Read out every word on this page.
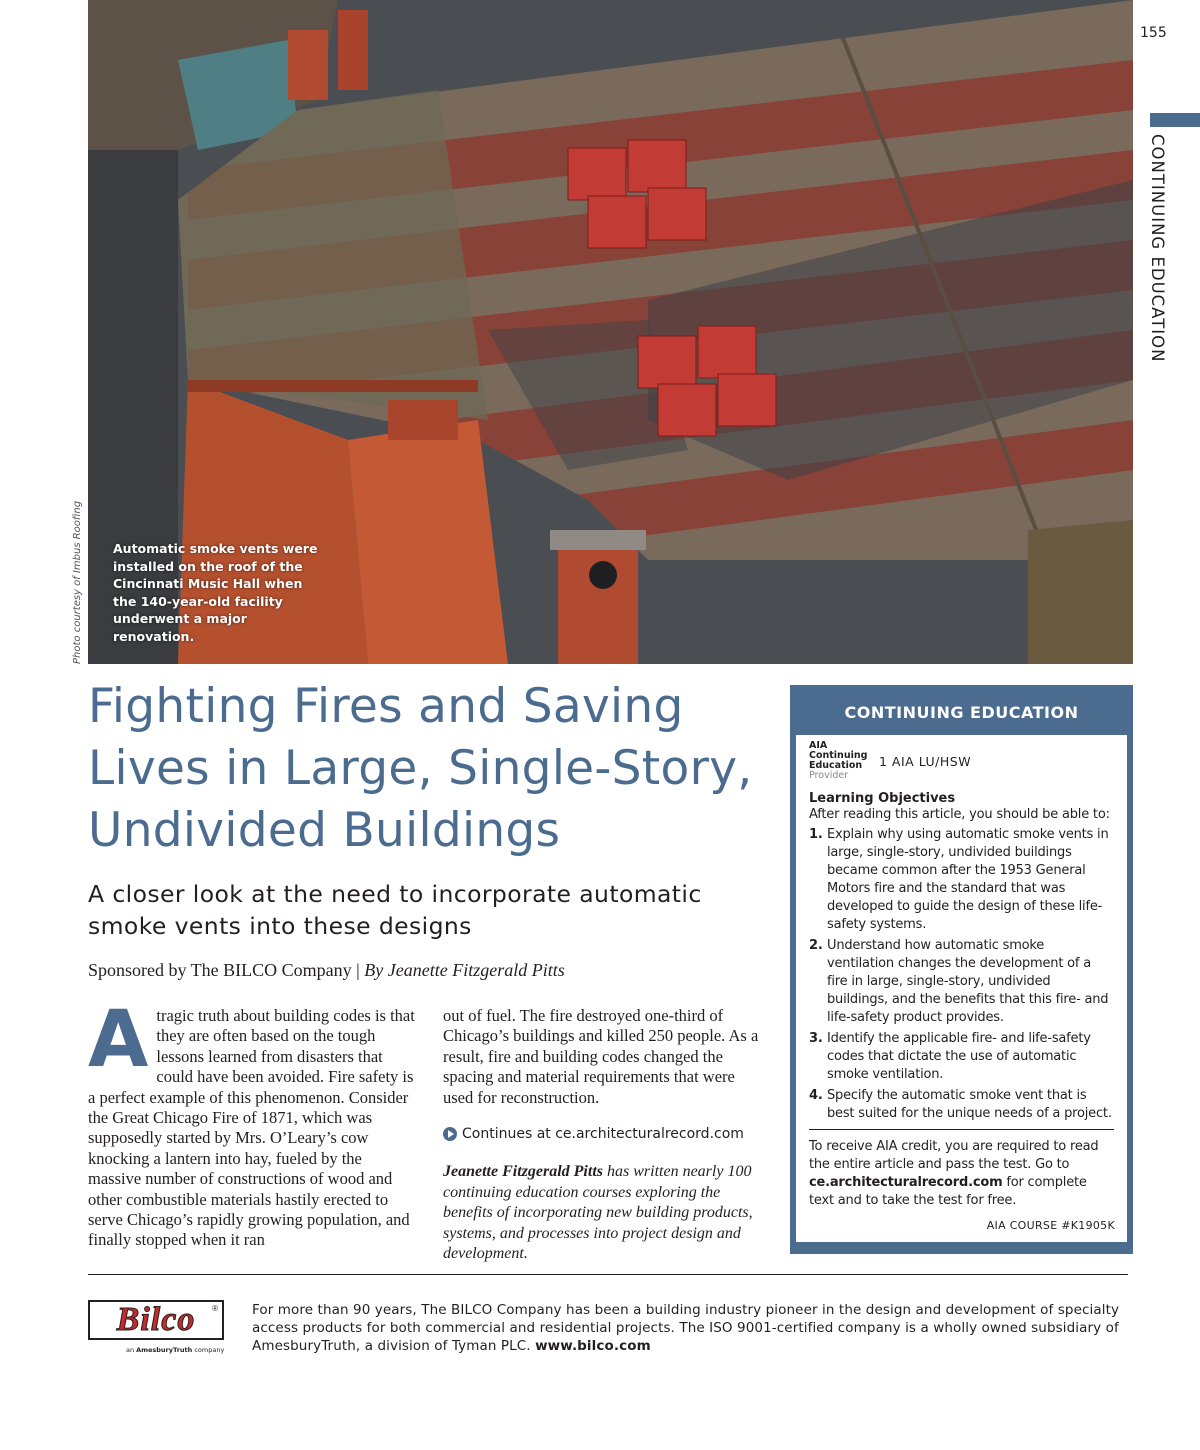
Automatic smoke vents were installed on the roof of the Cincinnati Music Hall when the 140-year-old facility underwent a major renovation.
Photo courtesy of Imbus Roofing
155
CONTINUING EDUCATION
Fighting Fires and Saving Lives in Large, Single-Story, Undivided Buildings
A closer look at the need to incorporate automatic smoke vents into these designs
Sponsored by The BILCO Company | By Jeanette Fitzgerald Pitts
A tragic truth about building codes is that they are often based on the tough lessons learned from disasters that could have been avoided. Fire safety is a perfect example of this phenomenon. Consider the Great Chicago Fire of 1871, which was supposedly started by Mrs. O’Leary’s cow knocking a lantern into hay, fueled by the massive number of constructions of wood and other combustible materials hastily erected to serve Chicago’s rapidly growing population, and finally stopped when it ran

out of fuel. The fire destroyed one-third of Chicago’s buildings and killed 250 people. As a result, fire and building codes changed the spacing and material requirements that were used for reconstruction.

Continues at ce.architecturalrecord.com

Jeanette Fitzgerald Pitts has written nearly 100 continuing education courses exploring the benefits of incorporating new building products, systems, and processes into project design and development.

CONTINUING EDUCATION
AIA
Continuing
Education
Provider
1 AIA LU/HSW
Learning Objectives
After reading this article, you should be able to:
1. Explain why using automatic smoke vents in large, single-story, undivided buildings became common after the 1953 General Motors fire and the standard that was developed to guide the design of these life-safety systems.
2. Understand how automatic smoke ventilation changes the development of a fire in large, single-story, undivided buildings, and the benefits that this fire- and life-safety product provides.
3. Identify the applicable fire- and life-safety codes that dictate the use of automatic smoke ventilation.
4. Specify the automatic smoke vent that is best suited for the unique needs of a project.

To receive AIA credit, you are required to read the entire article and pass the test. Go to ce.architecturalrecord.com for complete text and to take the test for free.

AIA COURSE #K1905K
Bilco ®
an AmesburyTruth company

For more than 90 years, The BILCO Company has been a building industry pioneer in the design and development of specialty access products for both commercial and residential projects. The ISO 9001-certified company is a wholly owned subsidiary of AmesburyTruth, a division of Tyman PLC. www.bilco.com
